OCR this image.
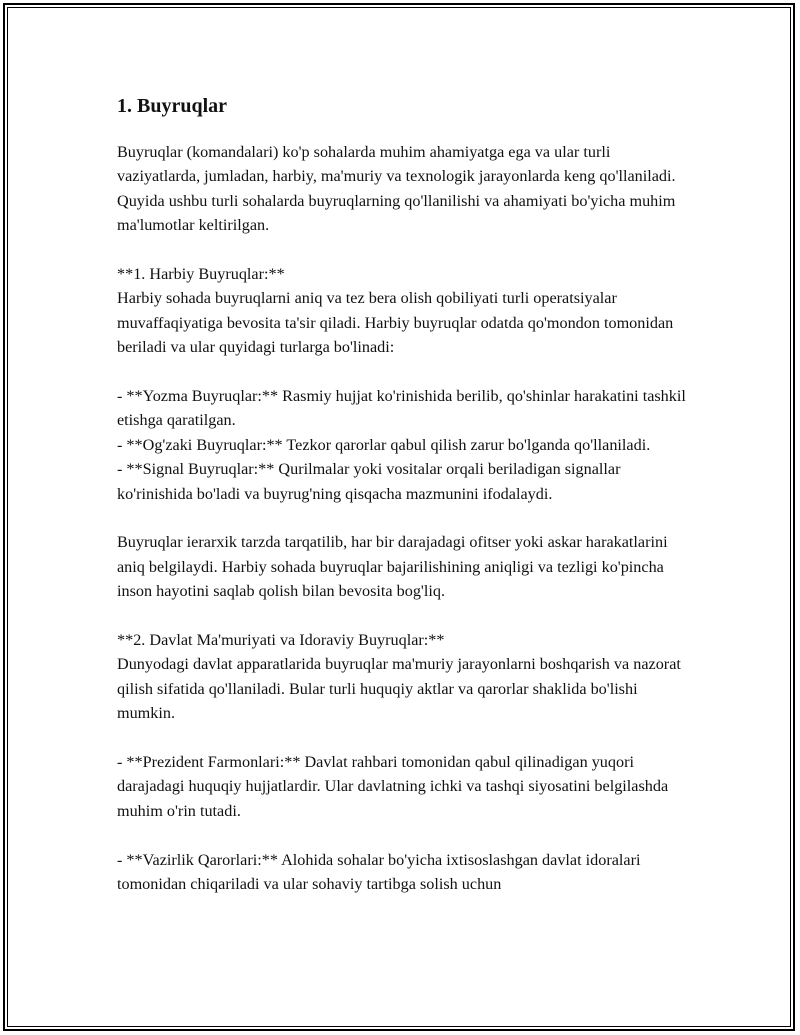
1. Buyruqlar
Buyruqlar (komandalari) ko'p sohalarda muhim ahamiyatga ega va ular turli vaziyatlarda, jumladan, harbiy, ma'muriy va texnologik jarayonlarda keng qo'llaniladi. Quyida ushbu turli sohalarda buyruqlarning qo'llanilishi va ahamiyati bo'yicha muhim ma'lumotlar keltirilgan.
**1. Harbiy Buyruqlar:**
Harbiy sohada buyruqlarni aniq va tez bera olish qobiliyati turli operatsiyalar muvaffaqiyatiga bevosita ta'sir qiladi. Harbiy buyruqlar odatda qo'mondon tomonidan beriladi va ular quyidagi turlarga bo'linadi:
- **Yozma Buyruqlar:** Rasmiy hujjat ko'rinishida berilib, qo'shinlar harakatini tashkil etishga qaratilgan.
- **Og'zaki Buyruqlar:** Tezkor qarorlar qabul qilish zarur bo'lganda qo'llaniladi.
- **Signal Buyruqlar:** Qurilmalar yoki vositalar orqali beriladigan signallar ko'rinishida bo'ladi va buyrug'ning qisqacha mazmunini ifodalaydi.
Buyruqlar ierarxik tarzda tarqatilib, har bir darajadagi ofitser yoki askar harakatlarini aniq belgilaydi. Harbiy sohada buyruqlar bajarilishining aniqligi va tezligi ko'pincha inson hayotini saqlab qolish bilan bevosita bog'liq.
**2. Davlat Ma'muriyati va Idoraviy Buyruqlar:**
Dunyodagi davlat apparatlarida buyruqlar ma'muriy jarayonlarni boshqarish va nazorat qilish sifatida qo'llaniladi. Bular turli huquqiy aktlar va qarorlar shaklida bo'lishi mumkin.
- **Prezident Farmonlari:** Davlat rahbari tomonidan qabul qilinadigan yuqori darajadagi huquqiy hujjatlardir. Ular davlatning ichki va tashqi siyosatini belgilashda muhim o'rin tutadi.
- **Vazirlik Qarorlari:** Alohida sohalar bo'yicha ixtisoslashgan davlat idoralari tomonidan chiqariladi va ular sohaviy tartibga solish uchun
